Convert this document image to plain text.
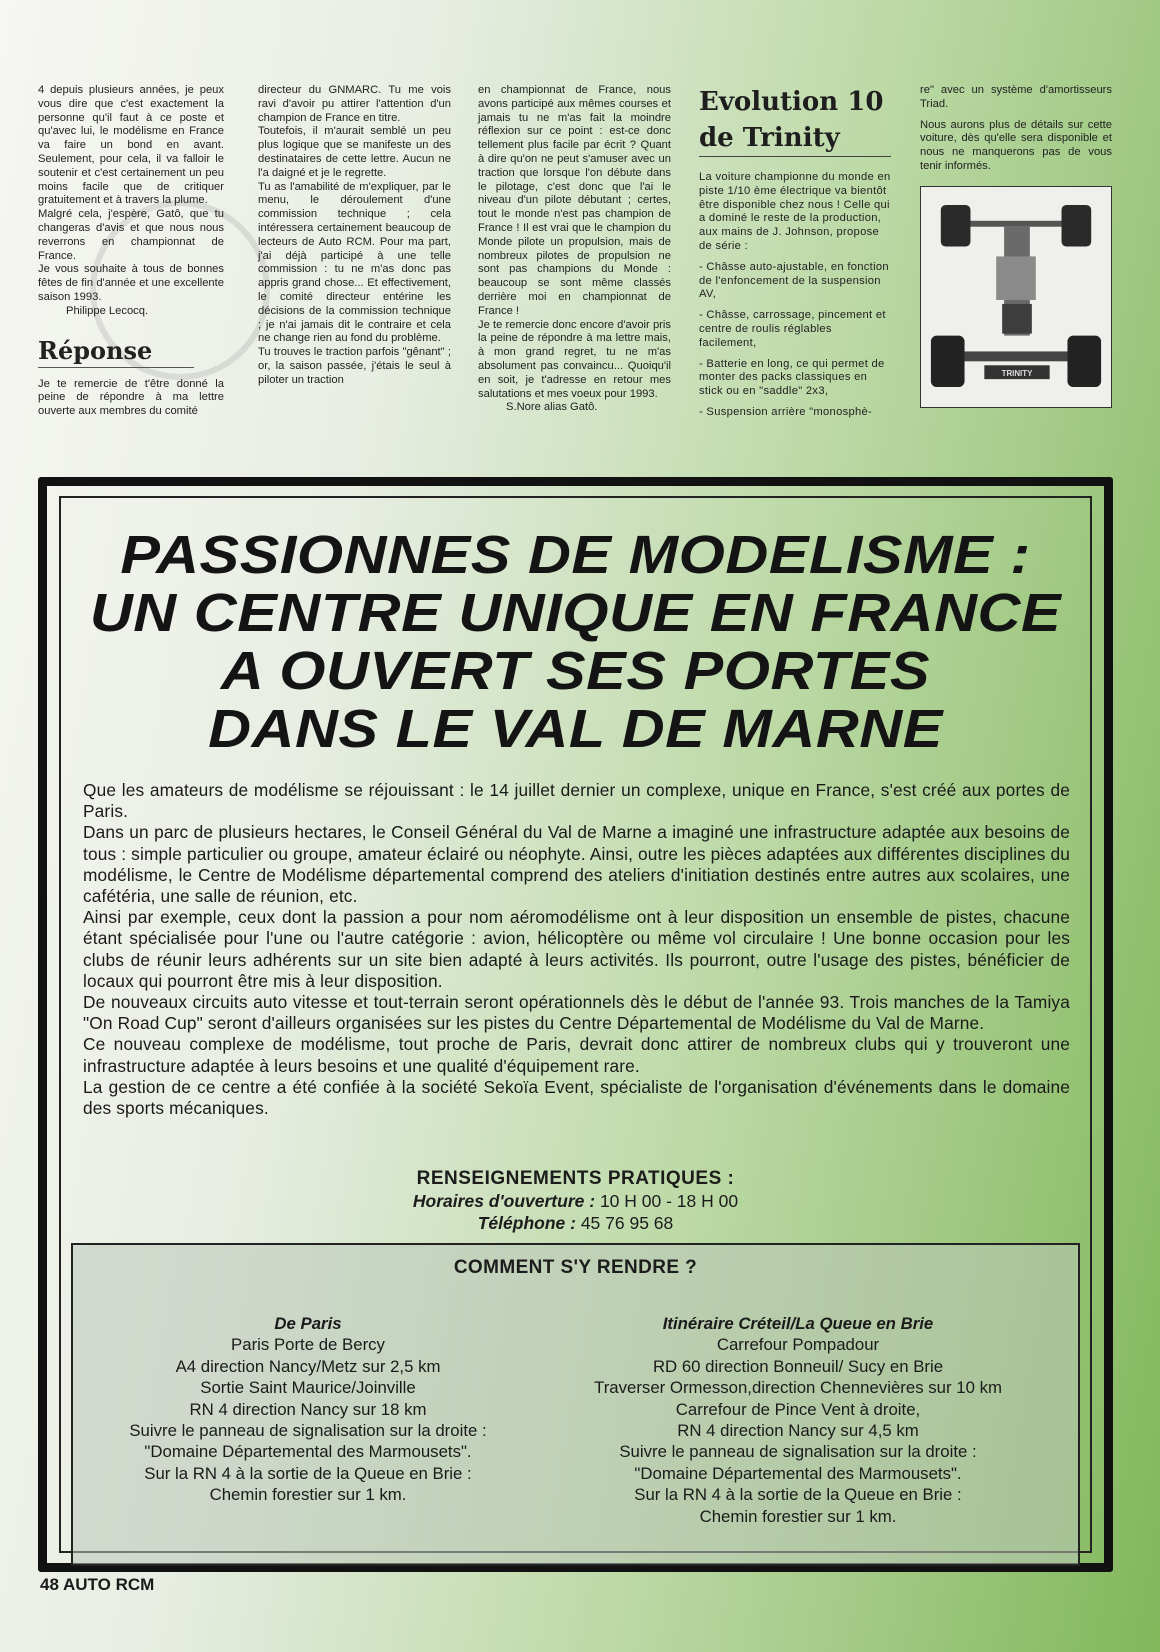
4 depuis plusieurs années, je peux vous dire que c'est exactement la personne qu'il faut à ce poste et qu'avec lui, le modélisme en France va faire un bond en avant. Seulement, pour cela, il va falloir le soutenir et c'est certainement un peu moins facile que de critiquer gratuitement et à travers la plume.

Malgré cela, j'espère, Gatô, que tu changeras d'avis et que nous nous reverrons en championnat de France.

Je vous souhaite à tous de bonnes fêtes de fin d'année et une excellente saison 1993.

Philippe Lecocq.

Réponse

Je te remercie de t'être donné la peine de répondre à ma lettre ouverte aux membres du comité

directeur du GNMARC. Tu me vois ravi d'avoir pu attirer l'attention d'un champion de France en titre.

Toutefois, il m'aurait semblé un peu plus logique que se manifeste un des destinataires de cette lettre. Aucun ne l'a daigné et je le regrette.

Tu as l'amabilité de m'expliquer, par le menu, le déroulement d'une commission technique ; cela intéressera certainement beaucoup de lecteurs de Auto RCM. Pour ma part, j'ai déjà participé à une telle commission : tu ne m'as donc pas appris grand chose... Et effectivement, le comité directeur entérine les décisions de la commission technique ; je n'ai jamais dit le contraire et cela ne change rien au fond du problème.

Tu trouves le traction parfois "gênant" ; or, la saison passée, j'étais le seul à piloter un traction

en championnat de France, nous avons participé aux mêmes courses et jamais tu ne m'as fait la moindre réflexion sur ce point : est-ce donc tellement plus facile par écrit ? Quant à dire qu'on ne peut s'amuser avec un traction que lorsque l'on débute dans le pilotage, c'est donc que l'ai le niveau d'un pilote débutant ; certes, tout le monde n'est pas champion de France ! Il est vrai que le champion du Monde pilote un propulsion, mais de nombreux pilotes de propulsion ne sont pas champions du Monde : beaucoup se sont même classés derrière moi en championnat de France !

Je te remercie donc encore d'avoir pris la peine de répondre à ma lettre mais, à mon grand regret, tu ne m'as absolument pas convaincu... Quoiqu'il en soit, je t'adresse en retour mes salutations et mes voeux pour 1993.

S.Nore alias Gatô.

Evolution 10
de Trinity

La voiture championne du monde en piste 1/10 ème électrique va bientôt être disponible chez nous ! Celle qui a dominé le reste de la production, aux mains de J. Johnson, propose de série :

- Châsse auto-ajustable, en fonction de l'enfoncement de la suspension AV,

- Châsse, carrossage, pincement et centre de roulis réglables facilement,

- Batterie en long, ce qui permet de monter des packs classiques en stick ou en "saddle" 2x3,

- Suspension arrière "monosphè-

re" avec un système d'amortisseurs Triad.

Nous aurons plus de détails sur cette voiture, dès qu'elle sera disponible et nous ne manquerons pas de vous tenir informés.

TRINITY
PASSIONNES DE MODELISME :
UN CENTRE UNIQUE EN FRANCE
A OUVERT SES PORTES
DANS LE VAL DE MARNE

Que les amateurs de modélisme se réjouissant : le 14 juillet dernier un complexe, unique en France, s'est créé aux portes de Paris.

Dans un parc de plusieurs hectares, le Conseil Général du Val de Marne a imaginé une infrastructure adaptée aux besoins de tous : simple particulier ou groupe, amateur éclairé ou néophyte. Ainsi, outre les pièces adaptées aux différentes disciplines du modélisme, le Centre de Modélisme départemental comprend des ateliers d'initiation destinés entre autres aux scolaires, une cafétéria, une salle de réunion, etc.

Ainsi par exemple, ceux dont la passion a pour nom aéromodélisme ont à leur disposition un ensemble de pistes, chacune étant spécialisée pour l'une ou l'autre catégorie : avion, hélicoptère ou même vol circulaire ! Une bonne occasion pour les clubs de réunir leurs adhérents sur un site bien adapté à leurs activités. Ils pourront, outre l'usage des pistes, bénéficier de locaux qui pourront être mis à leur disposition.

De nouveaux circuits auto vitesse et tout-terrain seront opérationnels dès le début de l'année 93. Trois manches de la Tamiya "On Road Cup" seront d'ailleurs organisées sur les pistes du Centre Départemental de Modélisme du Val de Marne.

Ce nouveau complexe de modélisme, tout proche de Paris, devrait donc attirer de nombreux clubs qui y trouveront une infrastructure adaptée à leurs besoins et une qualité d'équipement rare.

La gestion de ce centre a été confiée à la société Sekoïa Event, spécialiste de l'organisation d'événements dans le domaine des sports mécaniques.

RENSEIGNEMENTS PRATIQUES :
Horaires d'ouverture : 10 H 00 - 18 H 00
Téléphone : 45 76 95 68
COMMENT S'Y RENDRE ?
De Paris
Paris Porte de Bercy
A4 direction Nancy/Metz sur 2,5 km
Sortie Saint Maurice/Joinville
RN 4 direction Nancy sur 18 km
Suivre le panneau de signalisation sur la droite :
"Domaine Départemental des Marmousets".
Sur la RN 4 à la sortie de la Queue en Brie :
Chemin forestier sur 1 km.
Itinéraire Créteil/La Queue en Brie
Carrefour Pompadour
RD 60 direction Bonneuil/ Sucy en Brie
Traverser Ormesson,direction Chennevières sur 10 km
Carrefour de Pince Vent à droite,
RN 4 direction Nancy sur 4,5 km
Suivre le panneau de signalisation sur la droite :
"Domaine Départemental des Marmousets".
Sur la RN 4 à la sortie de la Queue en Brie :
Chemin forestier sur 1 km.
48 AUTO RCM
